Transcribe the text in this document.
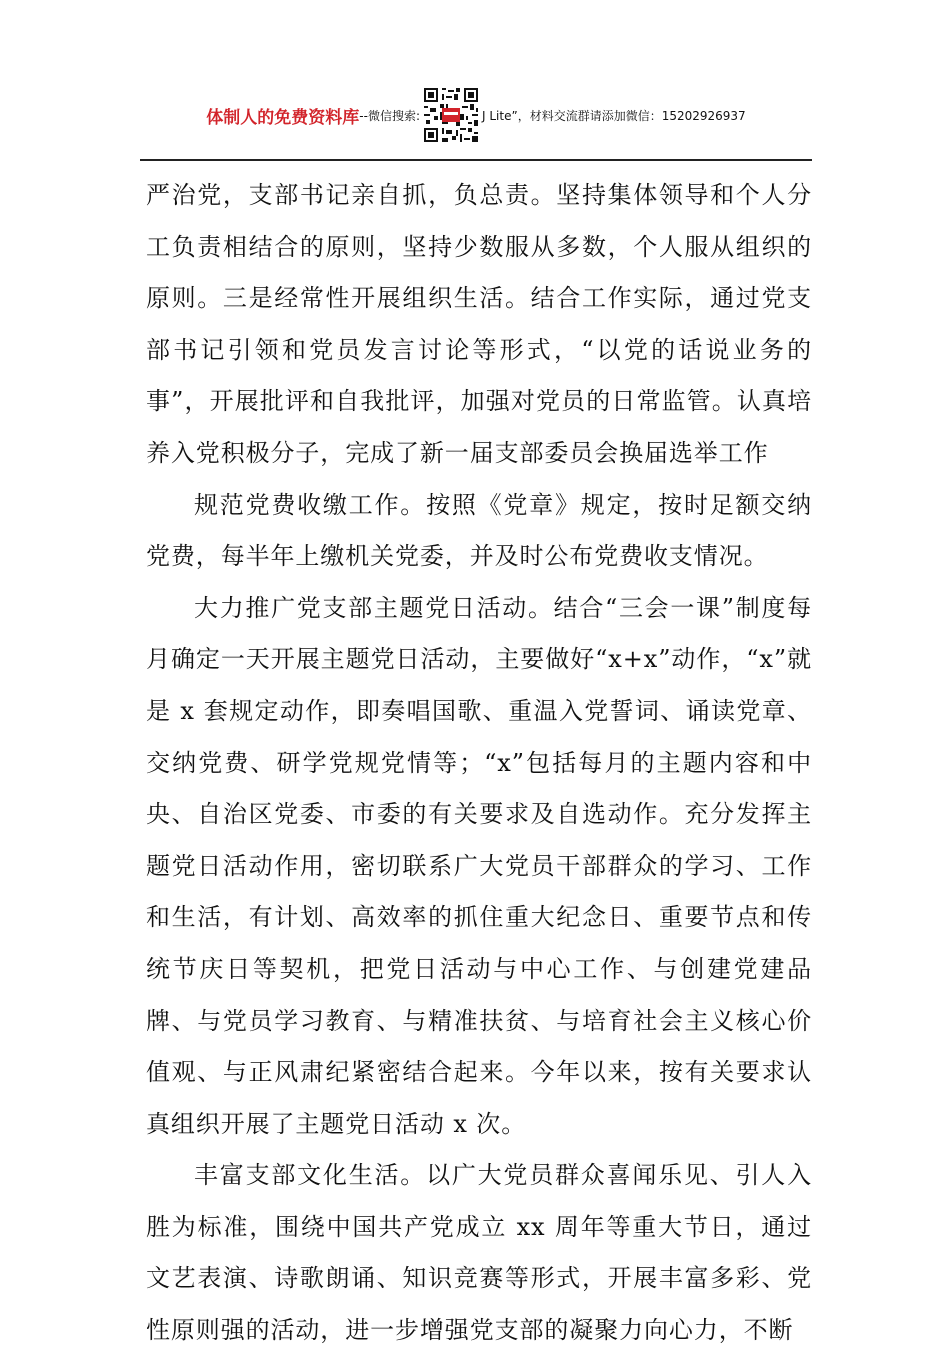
体制人的免费资料库 --微信搜索:	J Lite”，材料交流群请添加微信：15202926937

严治党，支部书记亲自抓，负总责。坚持集体领导和个人分工负责相结合的原则，坚持少数服从多数，个人服从组织的原则。三是经常性开展组织生活。结合工作实际，通过党支部书记引领和党员发言讨论等形式，“以党的话说业务的事”，开展批评和自我批评，加强对党员的日常监管。认真培养入党积极分子，完成了新一届支部委员会换届选举工作

规范党费收缴工作。按照《党章》规定，按时足额交纳党费，每半年上缴机关党委，并及时公布党费收支情况。

大力推广党支部主题党日活动。结合“三会一课”制度每月确定一天开展主题党日活动，主要做好“x+x”动作，“x”就是 x 套规定动作，即奏唱国歌、重温入党誓词、诵读党章、交纳党费、研学党规党情等；“x”包括每月的主题内容和中央、自治区党委、市委的有关要求及自选动作。充分发挥主题党日活动作用，密切联系广大党员干部群众的学习、工作和生活，有计划、高效率的抓住重大纪念日、重要节点和传统节庆日等契机，把党日活动与中心工作、与创建党建品牌、与党员学习教育、与精准扶贫、与培育社会主义核心价值观、与正风肃纪紧密结合起来。今年以来，按有关要求认真组织开展了主题党日活动 x 次。

丰富支部文化生活。以广大党员群众喜闻乐见、引人入胜为标准，围绕中国共产党成立 xx 周年等重大节日，通过文艺表演、诗歌朗诵、知识竞赛等形式，开展丰富多彩、党性原则强的活动，进一步增强党支部的凝聚力向心力，不断
